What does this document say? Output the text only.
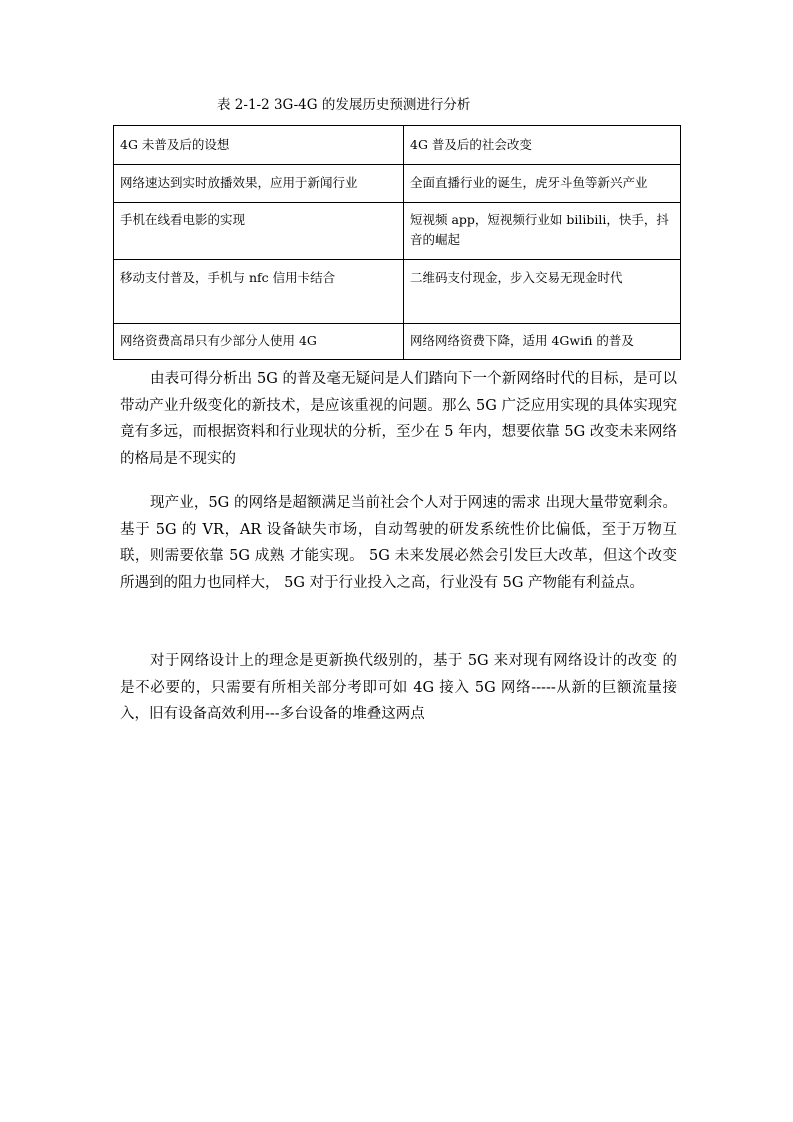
表 2-1-2 3G-4G 的发展历史预测进行分析
4G 未普及后的设想	4G 普及后的社会改变
网络速达到实时放播效果，应用于新闻行业	全面直播行业的诞生，虎牙斗鱼等新兴产业
手机在线看电影的实现	短视频 app，短视频行业如 bilibili，快手，抖音的崛起
移动支付普及，手机与 nfc 信用卡结合	二维码支付现金，步入交易无现金时代
网络资费高昂只有少部分人使用 4G	网络网络资费下降，适用 4Gwifi 的普及

由表可得分析出 5G 的普及毫无疑问是人们踏向下一个新网络时代的目标，是可以带动产业升级变化的新技术，是应该重视的问题。那么 5G 广泛应用实现的具体实现究竟有多远，而根据资料和行业现状的分析，至少在 5 年内，想要依靠 5G 改变未来网络的格局是不现实的

现产业，5G 的网络是超额满足当前社会个人对于网速的需求 出现大量带宽剩余。基于 5G 的 VR，AR 设备缺失市场，自动驾驶的研发系统性价比偏低，至于万物互联，则需要依靠 5G 成熟 才能实现。 5G 未来发展必然会引发巨大改革，但这个改变所遇到的阻力也同样大， 5G 对于行业投入之高，行业没有 5G 产物能有利益点。

对于网络设计上的理念是更新换代级别的，基于 5G 来对现有网络设计的改变 的是不必要的，只需要有所相关部分考即可如 4G 接入 5G 网络-----从新的巨额流量接入，旧有设备高效利用---多台设备的堆叠这两点
